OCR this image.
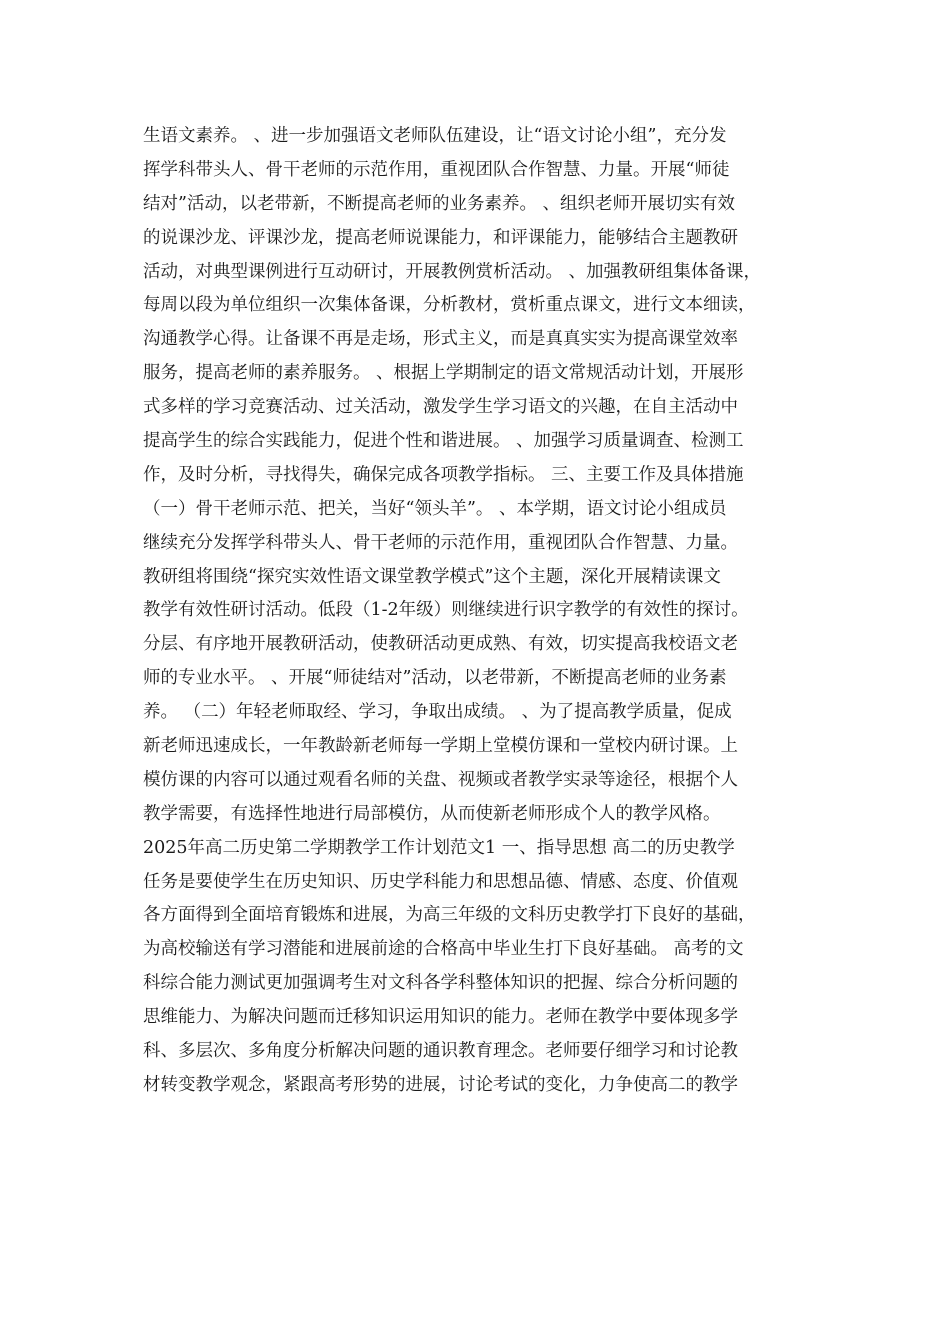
生语文素养。 、进一步加强语文老师队伍建设，让“语文讨论小组”，充分发
挥学科带头人、骨干老师的示范作用，重视团队合作智慧、力量。开展“师徒
结对”活动，以老带新，不断提高老师的业务素养。 、组织老师开展切实有效
的说课沙龙、评课沙龙，提高老师说课能力，和评课能力，能够结合主题教研
活动，对典型课例进行互动研讨，开展教例赏析活动。 、加强教研组集体备课，
每周以段为单位组织一次集体备课，分析教材，赏析重点课文，进行文本细读，
沟通教学心得。让备课不再是走场，形式主义，而是真真实实为提高课堂效率
服务，提高老师的素养服务。 、根据上学期制定的语文常规活动计划，开展形
式多样的学习竞赛活动、过关活动，激发学生学习语文的兴趣，在自主活动中
提高学生的综合实践能力，促进个性和谐进展。 、加强学习质量调查、检测工
作，及时分析，寻找得失，确保完成各项教学指标。 三、主要工作及具体措施
（一）骨干老师示范、把关，当好“领头羊”。 、本学期，语文讨论小组成员
继续充分发挥学科带头人、骨干老师的示范作用，重视团队合作智慧、力量。
教研组将围绕“探究实效性语文课堂教学模式”这个主题，深化开展精读课文
教学有效性研讨活动。低段（1-2年级）则继续进行识字教学的有效性的探讨。
分层、有序地开展教研活动，使教研活动更成熟、有效，切实提高我校语文老
师的专业水平。 、开展“师徒结对”活动，以老带新，不断提高老师的业务素
养。 （二）年轻老师取经、学习，争取出成绩。 、为了提高教学质量，促成
新老师迅速成长，一年教龄新老师每一学期上堂模仿课和一堂校内研讨课。上
模仿课的内容可以通过观看名师的关盘、视频或者教学实录等途径，根据个人
教学需要，有选择性地进行局部模仿，从而使新老师形成个人的教学风格。
2025年高二历史第二学期教学工作计划范文1 一、指导思想 高二的历史教学
任务是要使学生在历史知识、历史学科能力和思想品德、情感、态度、价值观
各方面得到全面培育锻炼和进展，为高三年级的文科历史教学打下良好的基础，
为高校输送有学习潜能和进展前途的合格高中毕业生打下良好基础。 高考的文
科综合能力测试更加强调考生对文科各学科整体知识的把握、综合分析问题的
思维能力、为解决问题而迁移知识运用知识的能力。老师在教学中要体现多学
科、多层次、多角度分析解决问题的通识教育理念。老师要仔细学习和讨论教
材转变教学观念，紧跟高考形势的进展，讨论考试的变化，力争使高二的教学
